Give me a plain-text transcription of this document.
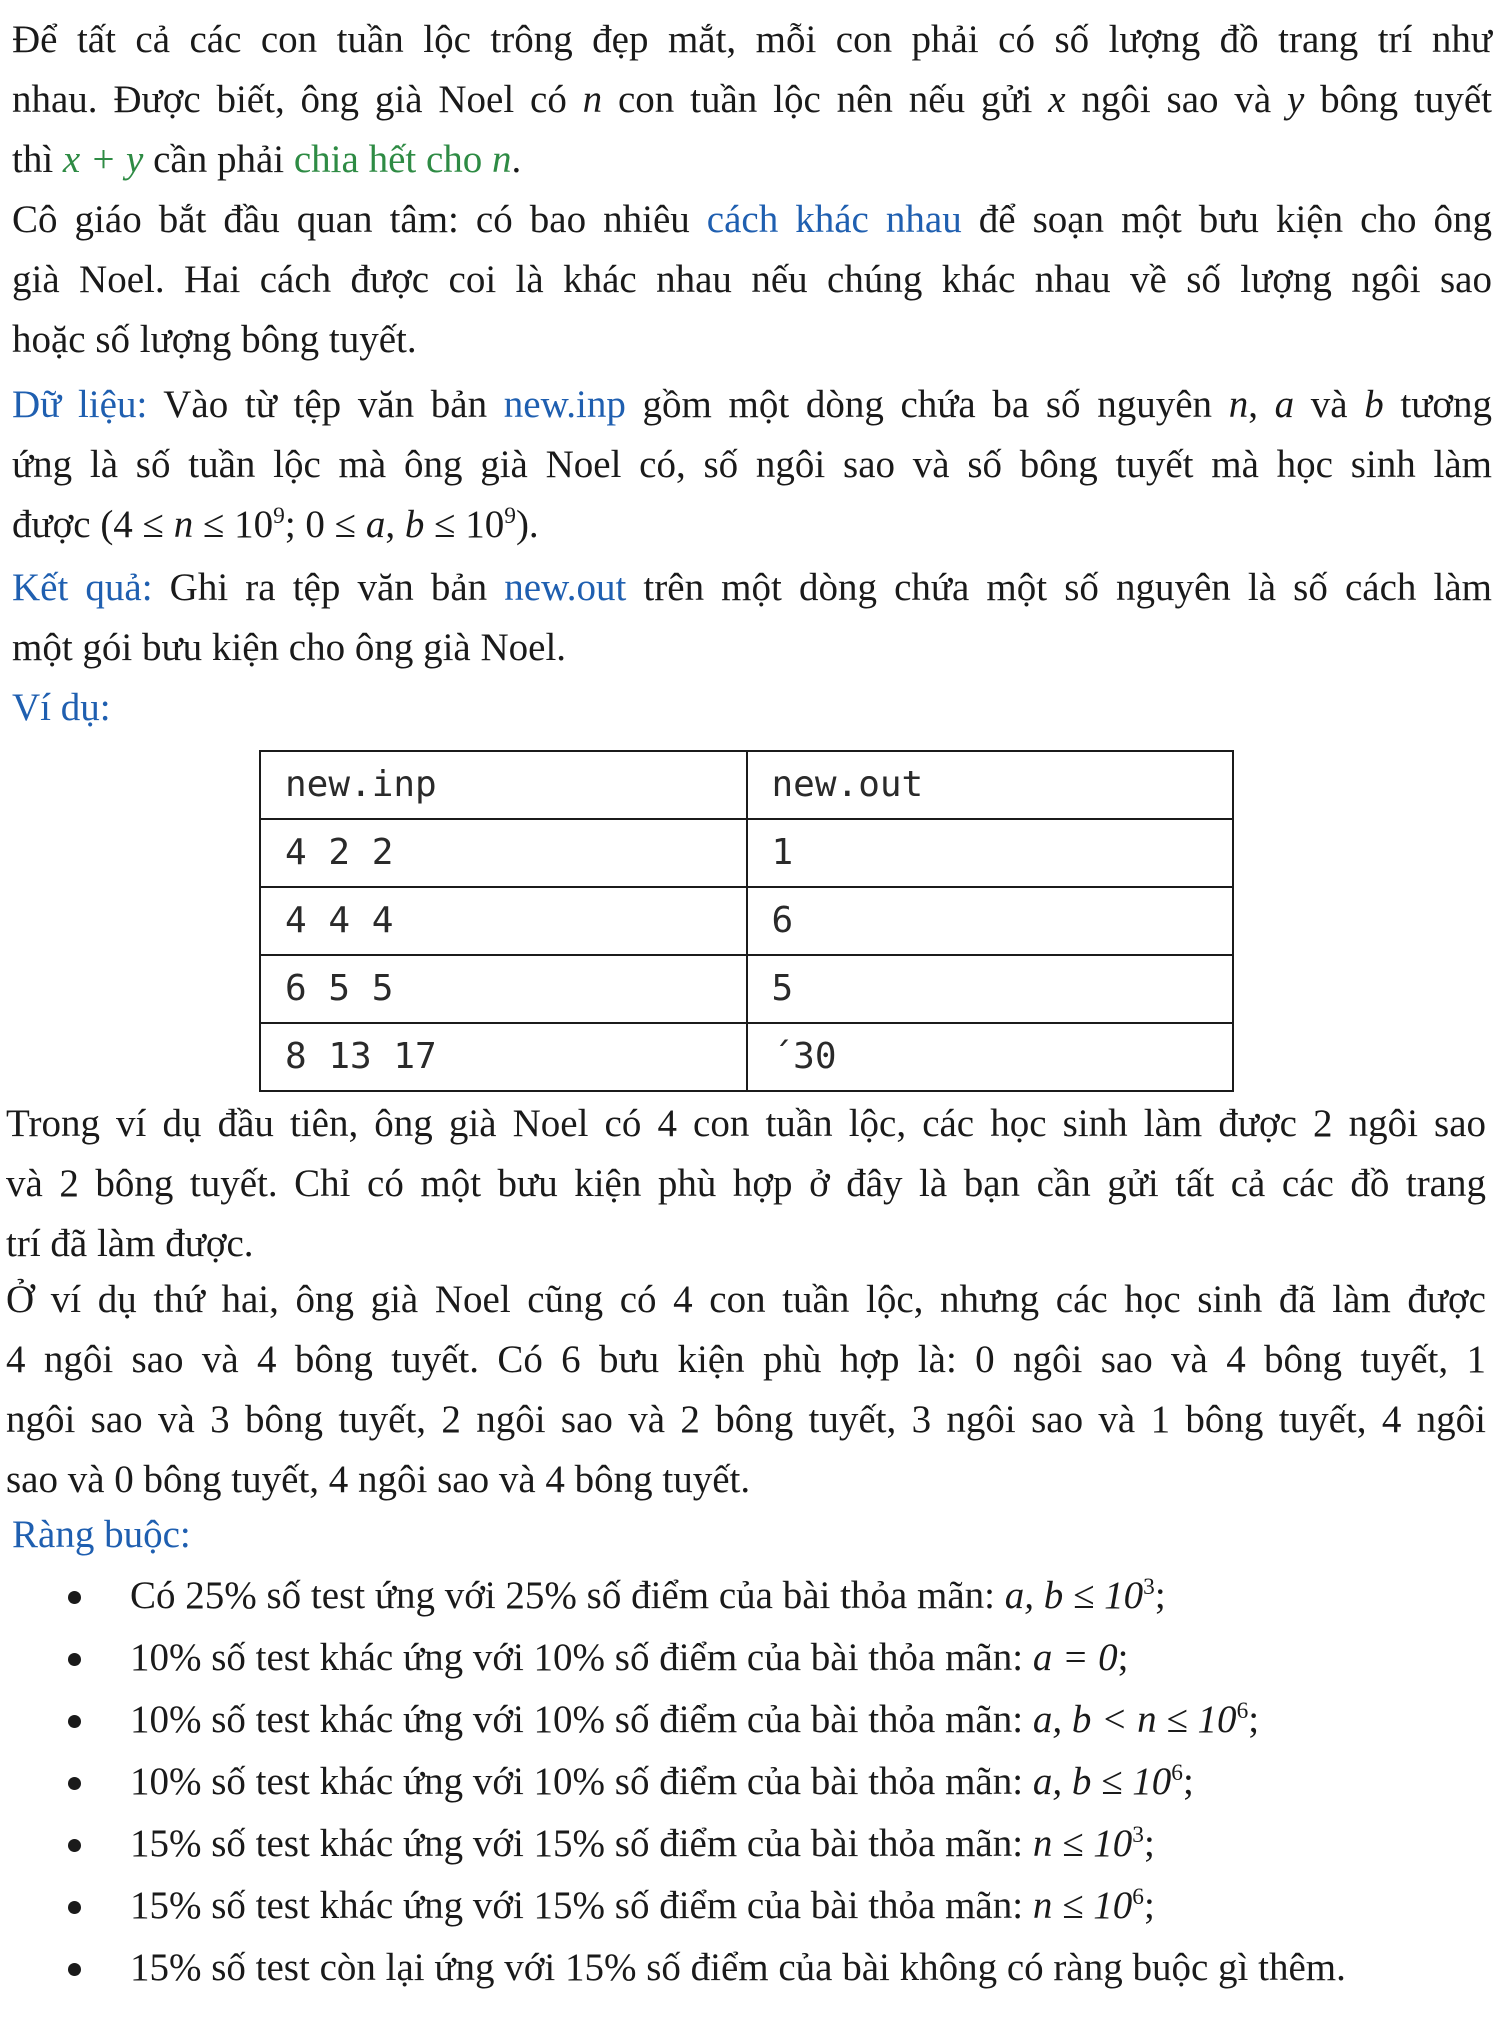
Để tất cả các con tuần lộc trông đẹp mắt, mỗi con phải có số lượng đồ trang trí như
nhau. Được biết, ông già Noel có n con tuần lộc nên nếu gửi x ngôi sao và y bông tuyết
thì x + y cần phải chia hết cho n.
Cô giáo bắt đầu quan tâm: có bao nhiêu cách khác nhau để soạn một bưu kiện cho ông
già Noel. Hai cách được coi là khác nhau nếu chúng khác nhau về số lượng ngôi sao
hoặc số lượng bông tuyết.
Dữ liệu: Vào từ tệp văn bản new.inp gồm một dòng chứa ba số nguyên n, a và b tương
ứng là số tuần lộc mà ông già Noel có, số ngôi sao và số bông tuyết mà học sinh làm
được ($4 \le n \le 10^9$; 0 ≤ a, $b \le 10^9$).
Kết quả: Ghi ra tệp văn bản new.out trên một dòng chứa một số nguyên là số cách làm
một gói bưu kiện cho ông già Noel.
Ví dụ:
new.inp	new.out
4 2 2	1
4 4 4	6
6 5 5	5
8 13 17	´30
Trong ví dụ đầu tiên, ông già Noel có 4 con tuần lộc, các học sinh làm được 2 ngôi sao
và 2 bông tuyết. Chỉ có một bưu kiện phù hợp ở đây là bạn cần gửi tất cả các đồ trang
trí đã làm được.
Ở ví dụ thứ hai, ông già Noel cũng có 4 con tuần lộc, nhưng các học sinh đã làm được
4 ngôi sao và 4 bông tuyết. Có 6 bưu kiện phù hợp là: 0 ngôi sao và 4 bông tuyết, 1
ngôi sao và 3 bông tuyết, 2 ngôi sao và 2 bông tuyết, 3 ngôi sao và 1 bông tuyết, 4 ngôi
sao và 0 bông tuyết, 4 ngôi sao và 4 bông tuyết.
Ràng buộc:
Có 25% số test ứng với 25% số điểm của bài thỏa mãn: a, $b \le 10^3$;
10% số test khác ứng với 10% số điểm của bài thỏa mãn: a = 0;
10% số test khác ứng với 10% số điểm của bài thỏa mãn: a, $b < n \le 10^6$;
10% số test khác ứng với 10% số điểm của bài thỏa mãn: a, $b \le 10^6$;
15% số test khác ứng với 15% số điểm của bài thỏa mãn: $n \le 10^3$;
15% số test khác ứng với 15% số điểm của bài thỏa mãn: $n \le 10^6$;
15% số test còn lại ứng với 15% số điểm của bài không có ràng buộc gì thêm.
